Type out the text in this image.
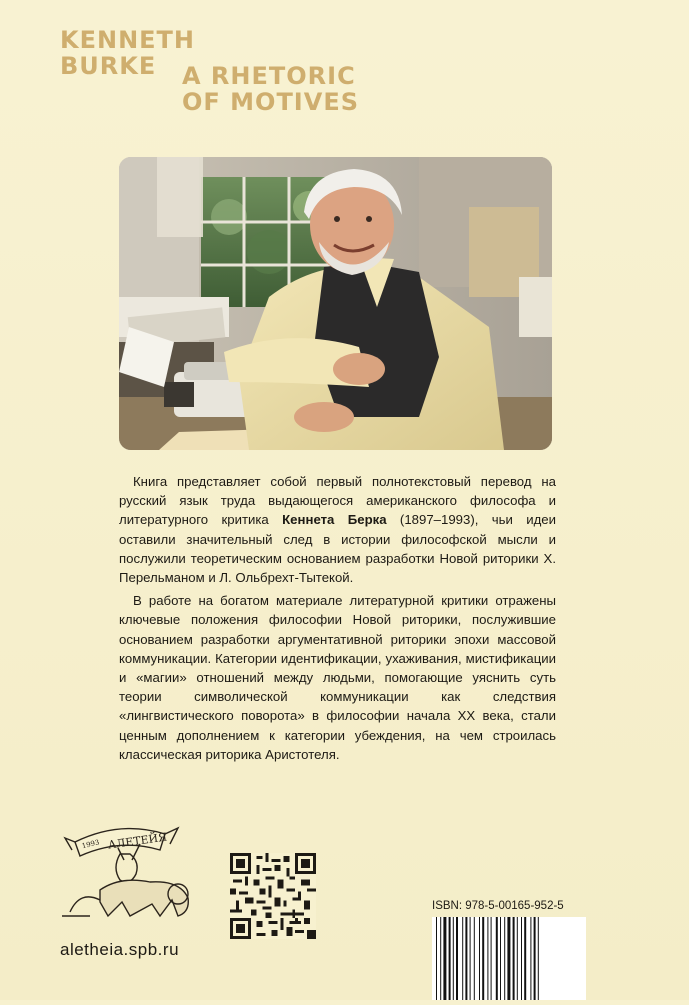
KENNETH
BURKE A RHETORIC
OF MOTIVES

Книга представляет собой первый полнотекстовый перевод на русский язык труда выдающегося американского философа и литературного критика Кеннета Берка (1897–1993), чьи идеи оставили значительный след в истории философской мысли и послужили теоретическим основанием разработки Новой риторики Х. Перельманом и Л. Ольбрехт-Тытекой.

В работе на богатом материале литературной критики отражены ключевые положения философии Новой риторики, послужившие основанием разработки аргументативной риторики эпохи массовой коммуникации. Категории идентификации, ухаживания, мистификации и «магии» отношений между людьми, помогающие уяснить суть теории символической коммуникации как следствия «лингвистического поворота» в философии начала XX века, стали ценным дополнением к категории убеждения, на чем строилась классическая риторика Аристотеля.

АЛЕТЕЙЯ
1993
aletheia.spb.ru
ISBN: 978-5-00165-952-5
